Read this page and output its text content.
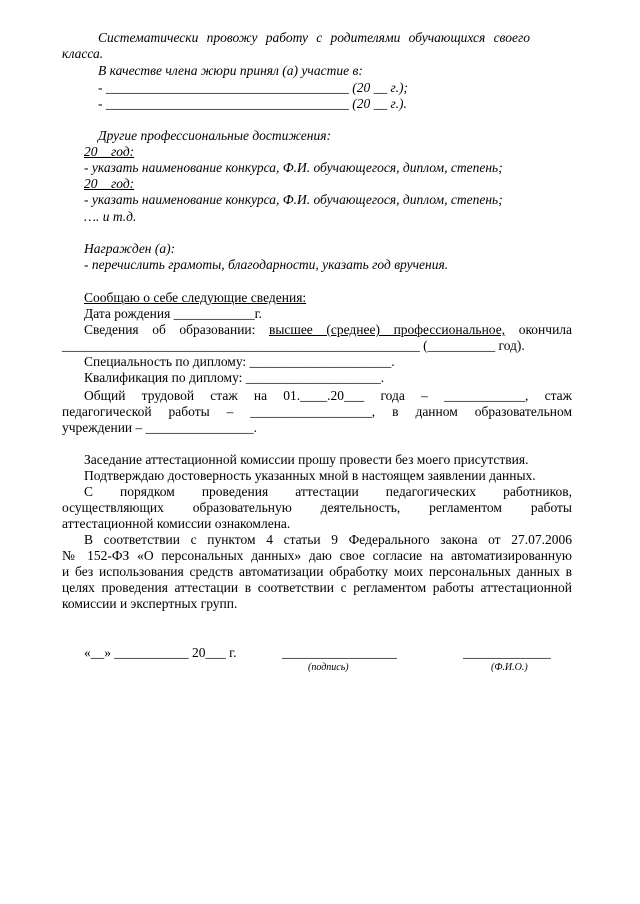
Систематически провожу работу с родителями обучающихся своего
класса.
В качестве члена жюри принял (а) участие в:
- ____________________________________ (20 __ г.);
- ____________________________________ (20 __ г.).
Другие профессиональные достижения:
20__год:
- указать наименование конкурса, Ф.И. обучающегося, диплом, степень;
20__год:
- указать наименование конкурса, Ф.И. обучающегося, диплом, степень;
…. и т.д.
Награжден (а):
- перечислить грамоты, благодарности, указать год вручения.
Сообщаю о себе следующие сведения:
Дата рождения ____________г.
Сведения об образовании: высшее (среднее) профессиональное, окончила
_____________________________________________________ (__________ год).
Специальность по диплому: _____________________.
Квалификация по диплому: ____________________.
Общий трудовой стаж на 01.____.20___ года – ____________, стаж
педагогической работы – __________________, в данном образовательном
учреждении – ________________.
Заседание аттестационной комиссии прошу провести без моего присутствия.
Подтверждаю достоверность указанных мной в настоящем заявлении данных.
С порядком проведения аттестации педагогических работников,
осуществляющих образовательную деятельность, регламентом работы
аттестационной комиссии ознакомлена.
В соответствии с пунктом 4 статьи 9 Федерального закона от 27.07.2006
№ 152-ФЗ «О персональных данных» даю свое согласие на автоматизированную
и без использования средств автоматизации обработку моих персональных данных в
целях проведения аттестации в соответствии с регламентом работы аттестационной
комиссии и экспертных групп.
«__» ___________ 20___ г.	_________________
(подпись)
_____________
(Ф.И.О.)
